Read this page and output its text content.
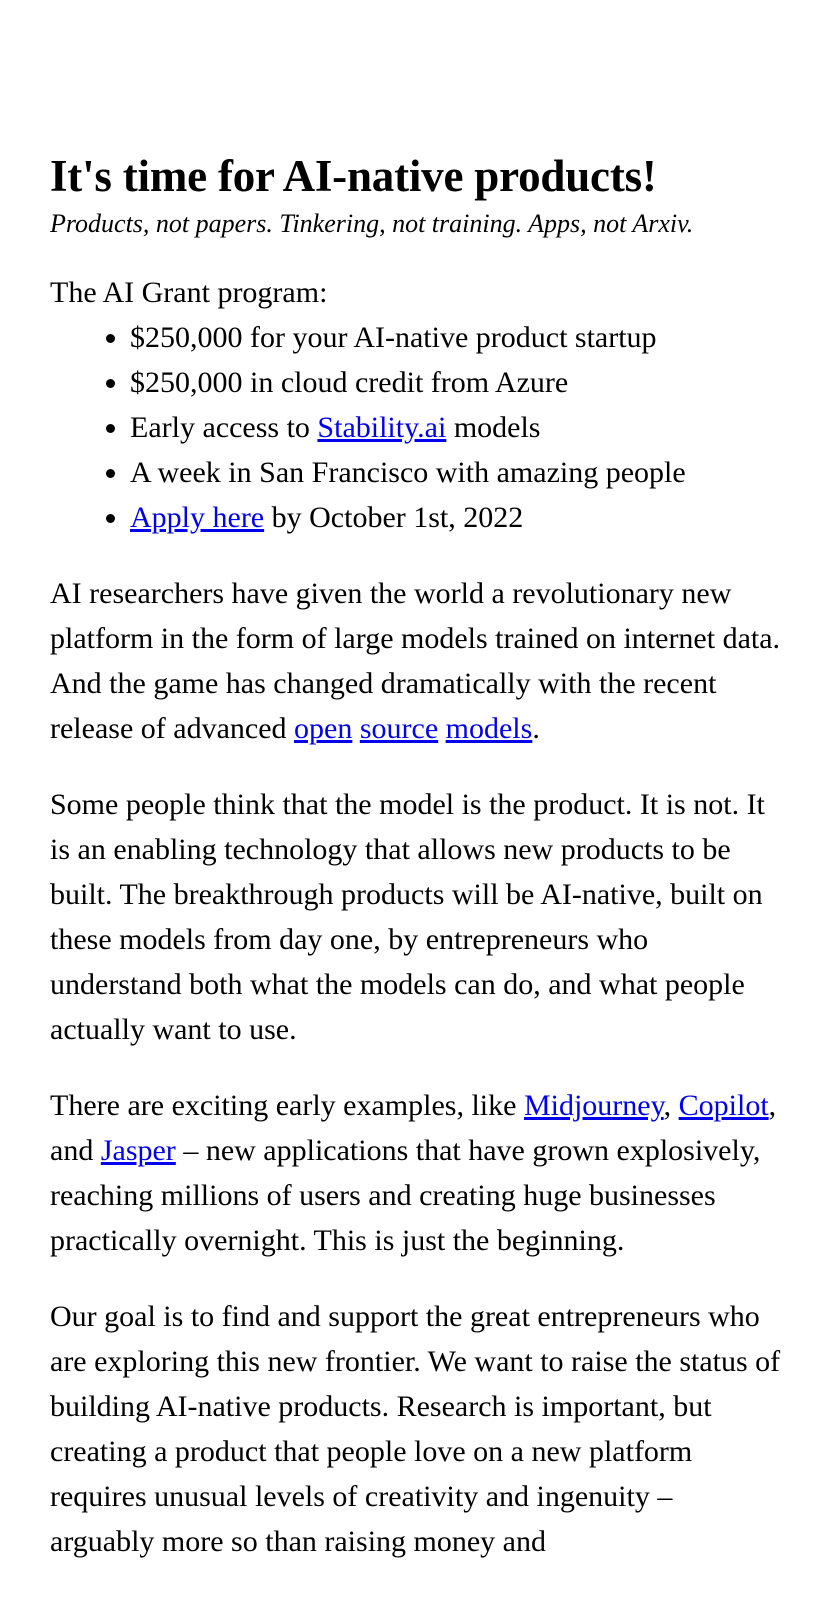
It's time for AI-native products!

Products, not papers. Tinkering, not training. Apps, not Arxiv.

The AI Grant program:

• $250,000 for your AI-native product startup
• $250,000 in cloud credit from Azure
• Early access to Stability.ai models
• A week in San Francisco with amazing people
• Apply here by October 1st, 2022

AI researchers have given the world a revolutionary new platform in the form of large models trained on internet data. And the game has changed dramatically with the recent release of advanced open source models.

Some people think that the model is the product. It is not. It is an enabling technology that allows new products to be built. The breakthrough products will be AI-native, built on these models from day one, by entrepreneurs who understand both what the models can do, and what people actually want to use.

There are exciting early examples, like Midjourney, Copilot, and Jasper – new applications that have grown explosively, reaching millions of users and creating huge businesses practically overnight. This is just the beginning.

Our goal is to find and support the great entrepreneurs who are exploring this new frontier. We want to raise the status of building AI-native products. Research is important, but creating a product that people love on a new platform requires unusual levels of creativity and ingenuity – arguably more so than raising money and
